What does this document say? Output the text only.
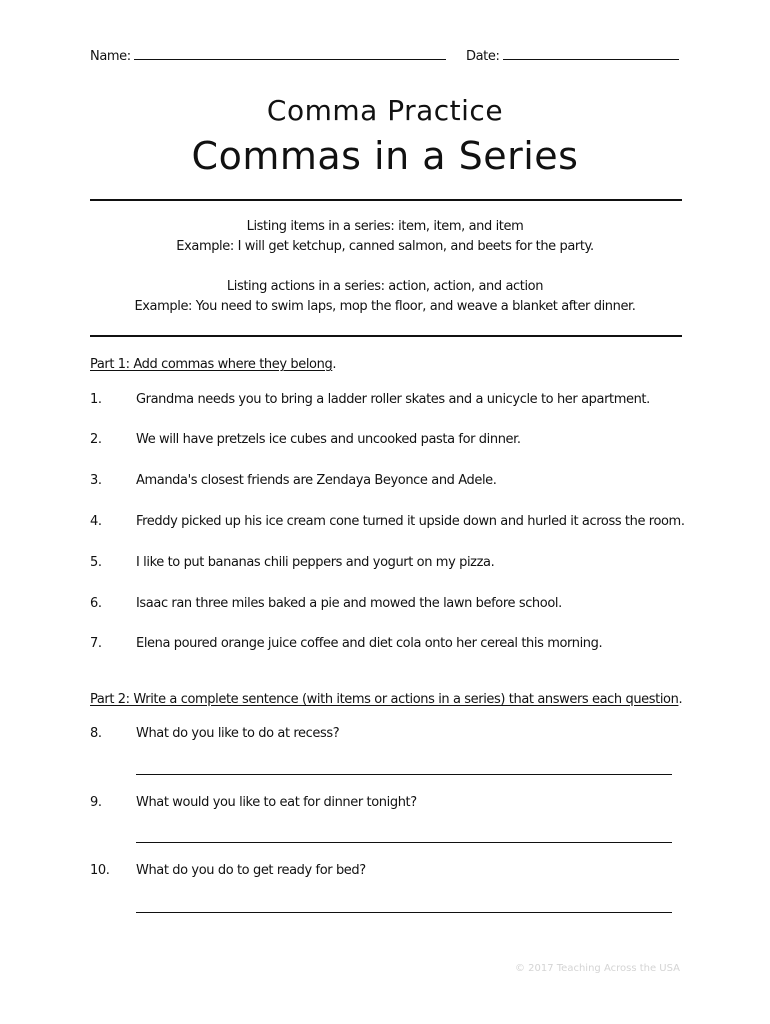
Name:	Date:
Comma Practice
Commas in a Series
Listing items in a series: item, item, and item
Example: I will get ketchup, canned salmon, and beets for the party.
Listing actions in a series: action, action, and action
Example: You need to swim laps, mop the floor, and weave a blanket after dinner.
Part 1: Add commas where they belong.
1.	Grandma needs you to bring a ladder roller skates and a unicycle to her apartment.
2.	We will have pretzels ice cubes and uncooked pasta for dinner.
3.	Amanda's closest friends are Zendaya Beyonce and Adele.
4.	Freddy picked up his ice cream cone turned it upside down and hurled it across the room.
5.	I like to put bananas chili peppers and yogurt on my pizza.
6.	Isaac ran three miles baked a pie and mowed the lawn before school.
7.	Elena poured orange juice coffee and diet cola onto her cereal this morning.
Part 2: Write a complete sentence (with items or actions in a series) that answers each question.
8.	What do you like to do at recess?
9.	What would you like to eat for dinner tonight?
10. What do you do to get ready for bed?
© 2017 Teaching Across the USA
